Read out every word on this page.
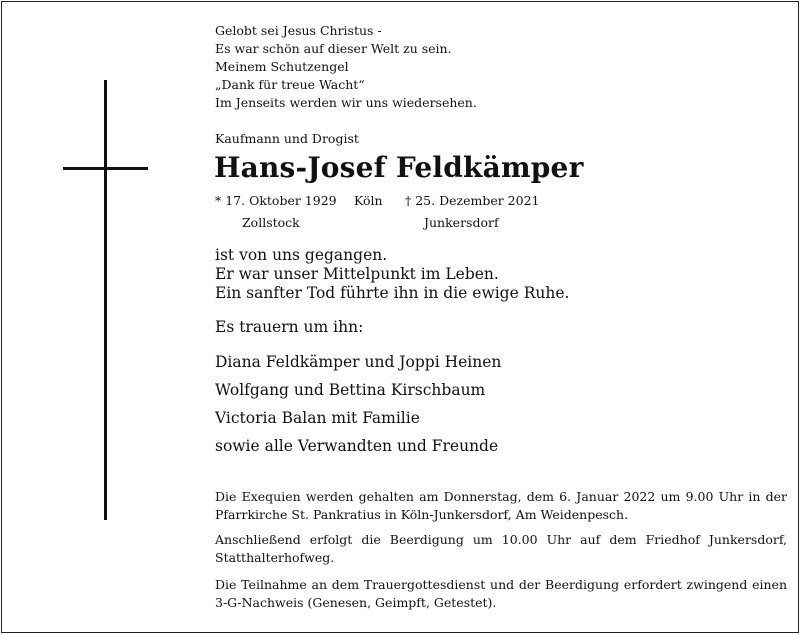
Gelobt sei Jesus Christus -
Es war schön auf dieser Welt zu sein.
Meinem Schutzengel
„Dank für treue Wacht“
Im Jenseits werden wir uns wiedersehen.
Kaufmann und Drogist
Hans-Josef Feldkämper
* 17. Oktober 1929 Köln † 25. Dezember 2021
Zollstock	Junkersdorf
ist von uns gegangen.
Er war unser Mittelpunkt im Leben.
Ein sanfter Tod führte ihn in die ewige Ruhe.
Es trauern um ihn:
Diana Feldkämper und Joppi Heinen
Wolfgang und Bettina Kirschbaum
Victoria Balan mit Familie
sowie alle Verwandten und Freunde
Die Exequien werden gehalten am Donnerstag, dem 6. Januar 2022 um 9.00 Uhr in der Pfarrkirche St. Pankratius in Köln-Junkersdorf, Am Weidenpesch.
Anschließend erfolgt die Beerdigung um 10.00 Uhr auf dem Friedhof Junkersdorf, Statthalterhofweg.
Die Teilnahme an dem Trauergottesdienst und der Beerdigung erfordert zwingend einen 3-G-Nachweis (Genesen, Geimpft, Getestet).
